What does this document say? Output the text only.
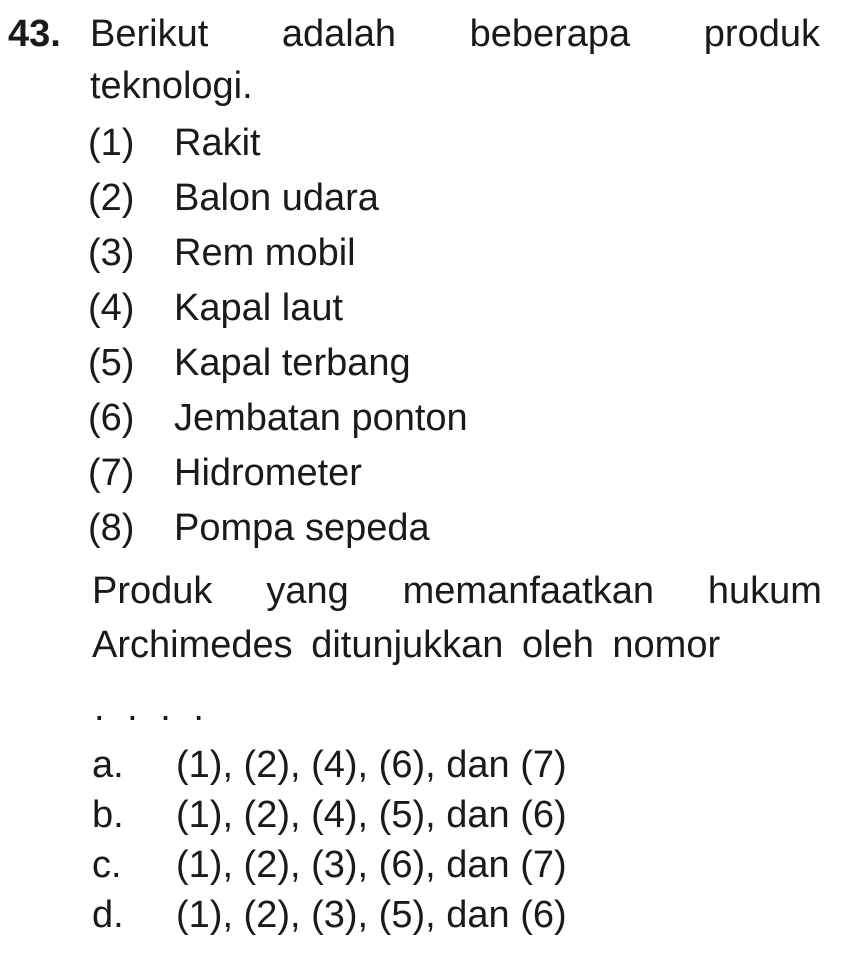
43. Berikut adalah beberapa produk teknologi.
(1) Rakit
(2) Balon udara
(3) Rem mobil
(4) Kapal laut
(5) Kapal terbang
(6) Jembatan ponton
(7) Hidrometer
(8) Pompa sepeda
Produk yang memanfaatkan hukum
Archimedes ditunjukkan oleh nomor
. . . .
a. (1), (2), (4), (6), dan (7)
b. (1), (2), (4), (5), dan (6)
c. (1), (2), (3), (6), dan (7)
d. (1), (2), (3), (5), dan (6)
